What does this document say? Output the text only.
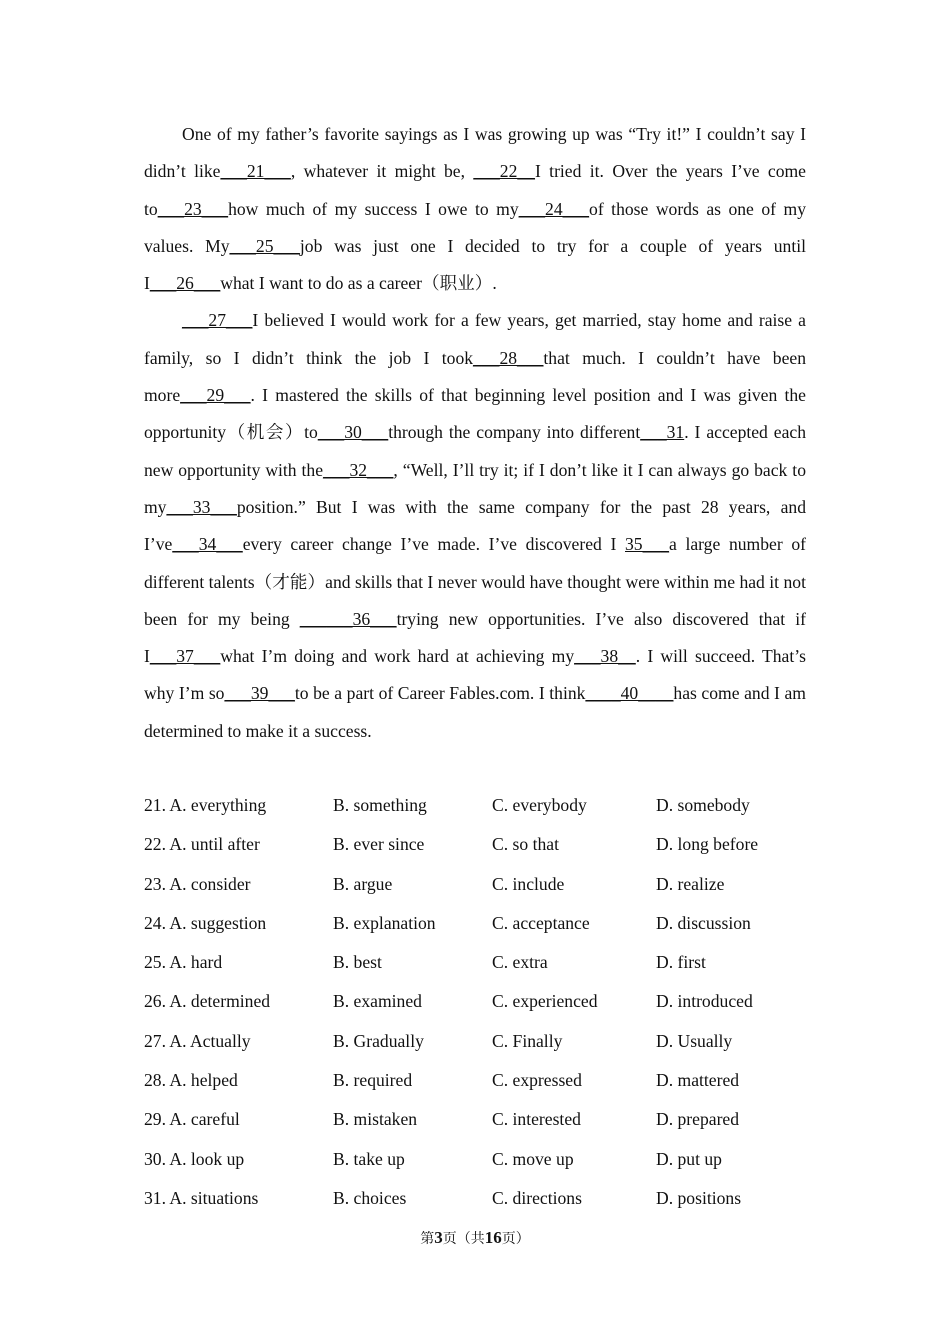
One of my father’s favorite sayings as I was growing up was “Try it!” I couldn’t say I didn’t like___21___, whatever it might be, ___22__I tried it. Over the years I’ve come to___23___how much of my success I owe to my___24___of those words as one of my values. My___25___job was just one I decided to try for a couple of years until I___26___what I want to do as a career（职业）.

___27___I believed I would work for a few years, get married, stay home and raise a family, so I didn’t think the job I took___28___that much. I couldn’t have been more___29___. I mastered the skills of that beginning level position and I was given the opportunity（机会）to___30___through the company into different___31. I accepted each new opportunity with the___32___, “Well, I’ll try it; if I don’t like it I can always go back to my___33___position.” But I was with the same company for the past 28 years, and I’ve___34___every career change I’ve made. I’ve discovered I 35___a large number of different talents（才能）and skills that I never would have thought were within me had it not been for my being ______36___trying new opportunities. I’ve also discovered that if I___37___what I’m doing and work hard at achieving my___38__. I will succeed. That’s why I’m so___39___to be a part of Career Fables.com. I think____40____has come and I am determined to make it a success.

21. A. everything	B. something	C. everybody	D. somebody
22. A. until after	B. ever since	C. so that	D. long before
23. A. consider	B. argue	C. include	D. realize
24. A. suggestion	B. explanation	C. acceptance	D. discussion
25. A. hard	B. best	C. extra	D. first
26. A. determined	B. examined	C. experienced	D. introduced
27. A. Actually	B. Gradually	C. Finally	D. Usually
28. A. helped	B. required	C. expressed	D. mattered
29. A. careful	B. mistaken	C. interested	D. prepared
30. A. look up	B. take up	C. move up	D. put up
31. A. situations	B. choices	C. directions	D. positions
第3页（共16页）
